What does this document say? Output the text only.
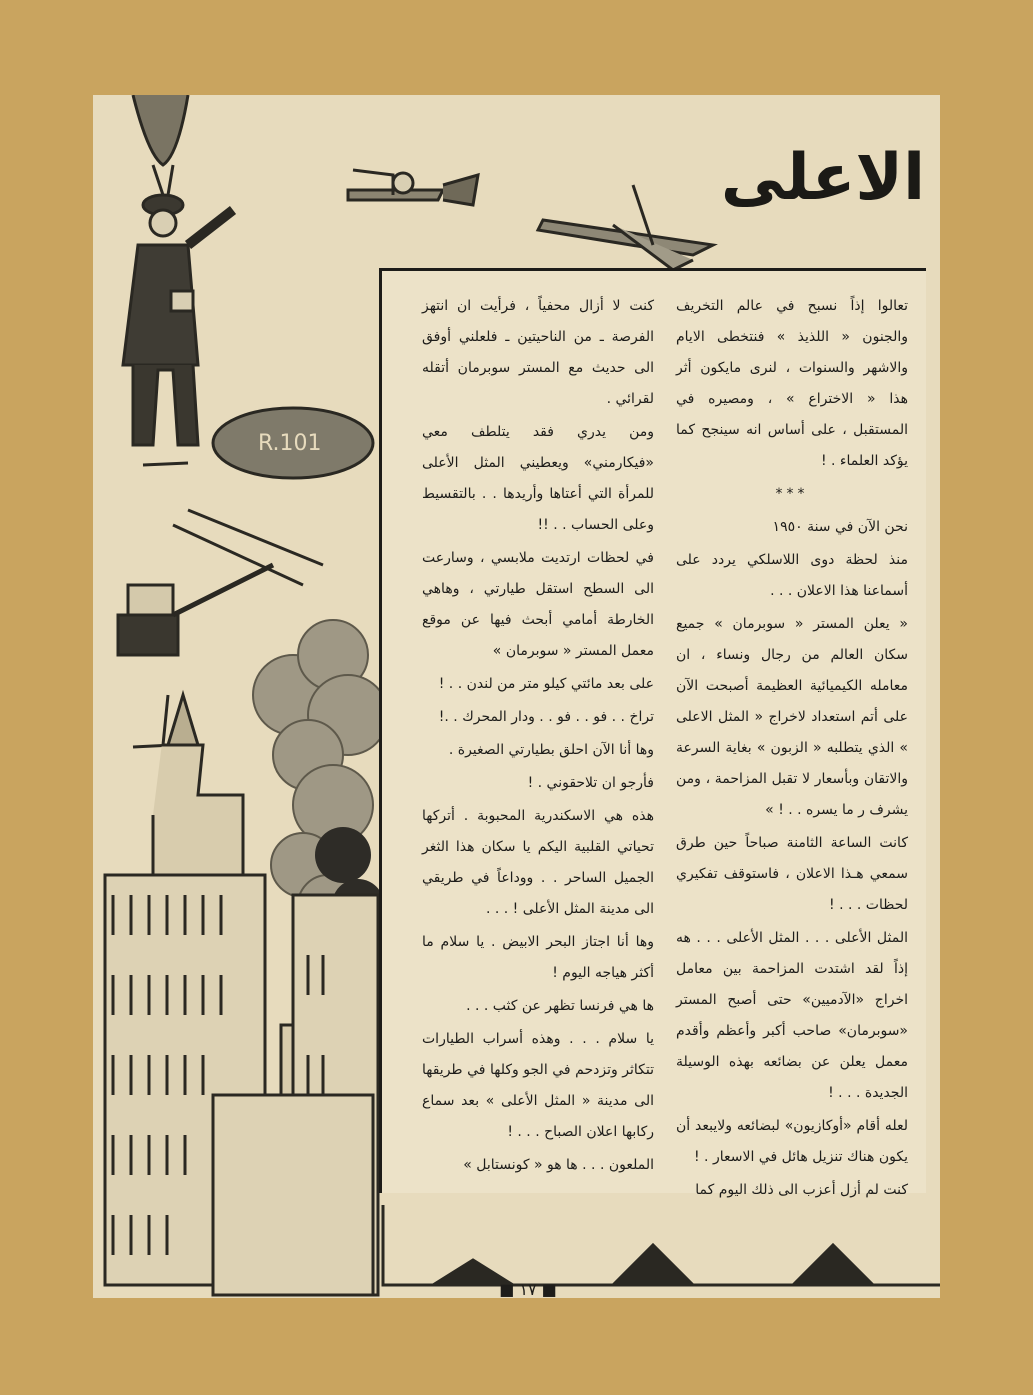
R.101
الاعلى

تعالوا إذاً نسبح في عالم التخريف والجنون « اللذيذ » فنتخطى الايام والاشهر والسنوات ، لنرى مايكون أثر هذا « الاختراع » ، ومصيره في المستقبل ، على أساس انه سينجح كما يؤكد العلماء . !

***

نحن الآن في سنة ١٩٥٠

منذ لحظة دوى اللاسلكي يردد على أسماعنا هذا الاعلان . . .

« يعلن المستر « سوبرمان » جميع سكان العالم من رجال ونساء ، ان معامله الكيميائية العظيمة أصبحت الآن على أتم استعداد لاخراج « المثل الاعلى » الذي يتطلبه « الزبون » بغاية السرعة والاتقان وبأسعار لا تقبل المزاحمة ، ومن يشرف ر ما يسره . . ! »

كانت الساعة الثامنة صباحاً حين طرق سمعي هـذا الاعلان ، فاستوقف تفكيري لحظات . . . !

المثل الأعلى . . . المثل الأعلى . . . هه إذاً لقد اشتدت المزاحمة بين معامل اخراج «الآدميين» حتى أصبح المستر «سوبرمان» صاحب أكبر وأعظم وأقدم معمل يعلن عن بضائعه بهذه الوسيلة الجديدة . . . !

لعله أقام «أوكازيون» لبضائعه ولايبعد أن يكون هناك تنزيل هائل في الاسعار . !

كنت لم أزل أعزب الى ذلك اليوم كما

كنت لا أزال محفياً ، فرأيت ان انتهز الفرصة ـ من الناحيتين ـ فلعلني أوفق الى حديث مع المستر سوبرمان أتقله لقرائي .

ومن يدري فقد يتلطف معي «فيكارمني» ويعطيني المثل الأعلى للمرأة التي أعتاها وأريدها . . بالتقسيط وعلى الحساب . . !!

في لحظات ارتديت ملابسي ، وسارعت الى السطح استقل طيارتي ، وهاهي الخارطة أمامي أبحث فيها عن موقع معمل المستر « سوبرمان »

على بعد مائتي كيلو متر من لندن . . !

تراخ . . فو . . فو . . ودار المحرك . .!

وها أنا الآن احلق بطيارتي الصغيرة .

فأرجو ان تلاحقوني . !

هذه هي الاسكندرية المحبوبة . أتركها تحياتي القلبية اليكم يا سكان هذا الثغر الجميل الساحر . . ووداعاً في طريقي الى مدينة المثل الأعلى ! . . .

وها أنا اجتاز البحر الابيض . يا سلام ما أكثر هياجه اليوم !

ها هي فرنسا تظهر عن كثب . . .

يا سلام . . . وهذه أسراب الطيارات تتكاثر وتزدحم في الجو وكلها في طريقها الى مدينة « المثل الأعلى » بعد سماع ركابها اعلان الصباح . . . !

الملعون . . . ها هو « كونستابل »

■ ١٧ ■
